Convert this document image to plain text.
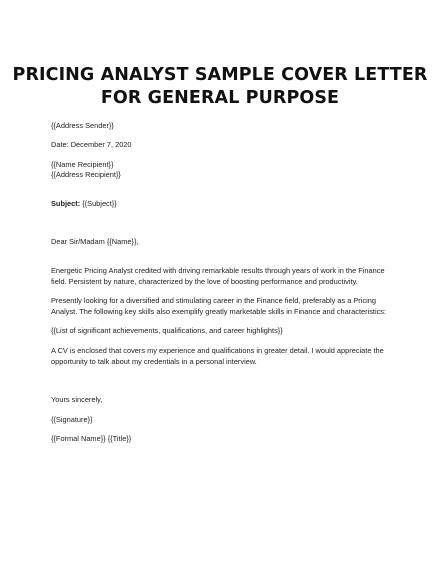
PRICING ANALYST SAMPLE COVER LETTER
FOR GENERAL PURPOSE
{{Address Sender}}
Date: December 7, 2020
{{Name Recipient}}
{{Address Recipient}}
Subject: {{Subject}}
Dear Sir/Madam {{Name}},
Energetic Pricing Analyst credited with driving remarkable results through years of work in the Finance field. Persistent by nature, characterized by the love of boosting performance and productivity.
Presently looking for a diversified and stimulating career in the Finance field, preferably as a Pricing Analyst. The following key skills also exemplify greatly marketable skills in Finance and characteristics:
{{List of significant achievements, qualifications, and career highlights}}
A CV is enclosed that covers my experience and qualifications in greater detail. I would appreciate the opportunity to talk about my credentials in a personal interview.
Yours sincerely,
{{Signature}}
{{Formal Name}} {{Title}}
